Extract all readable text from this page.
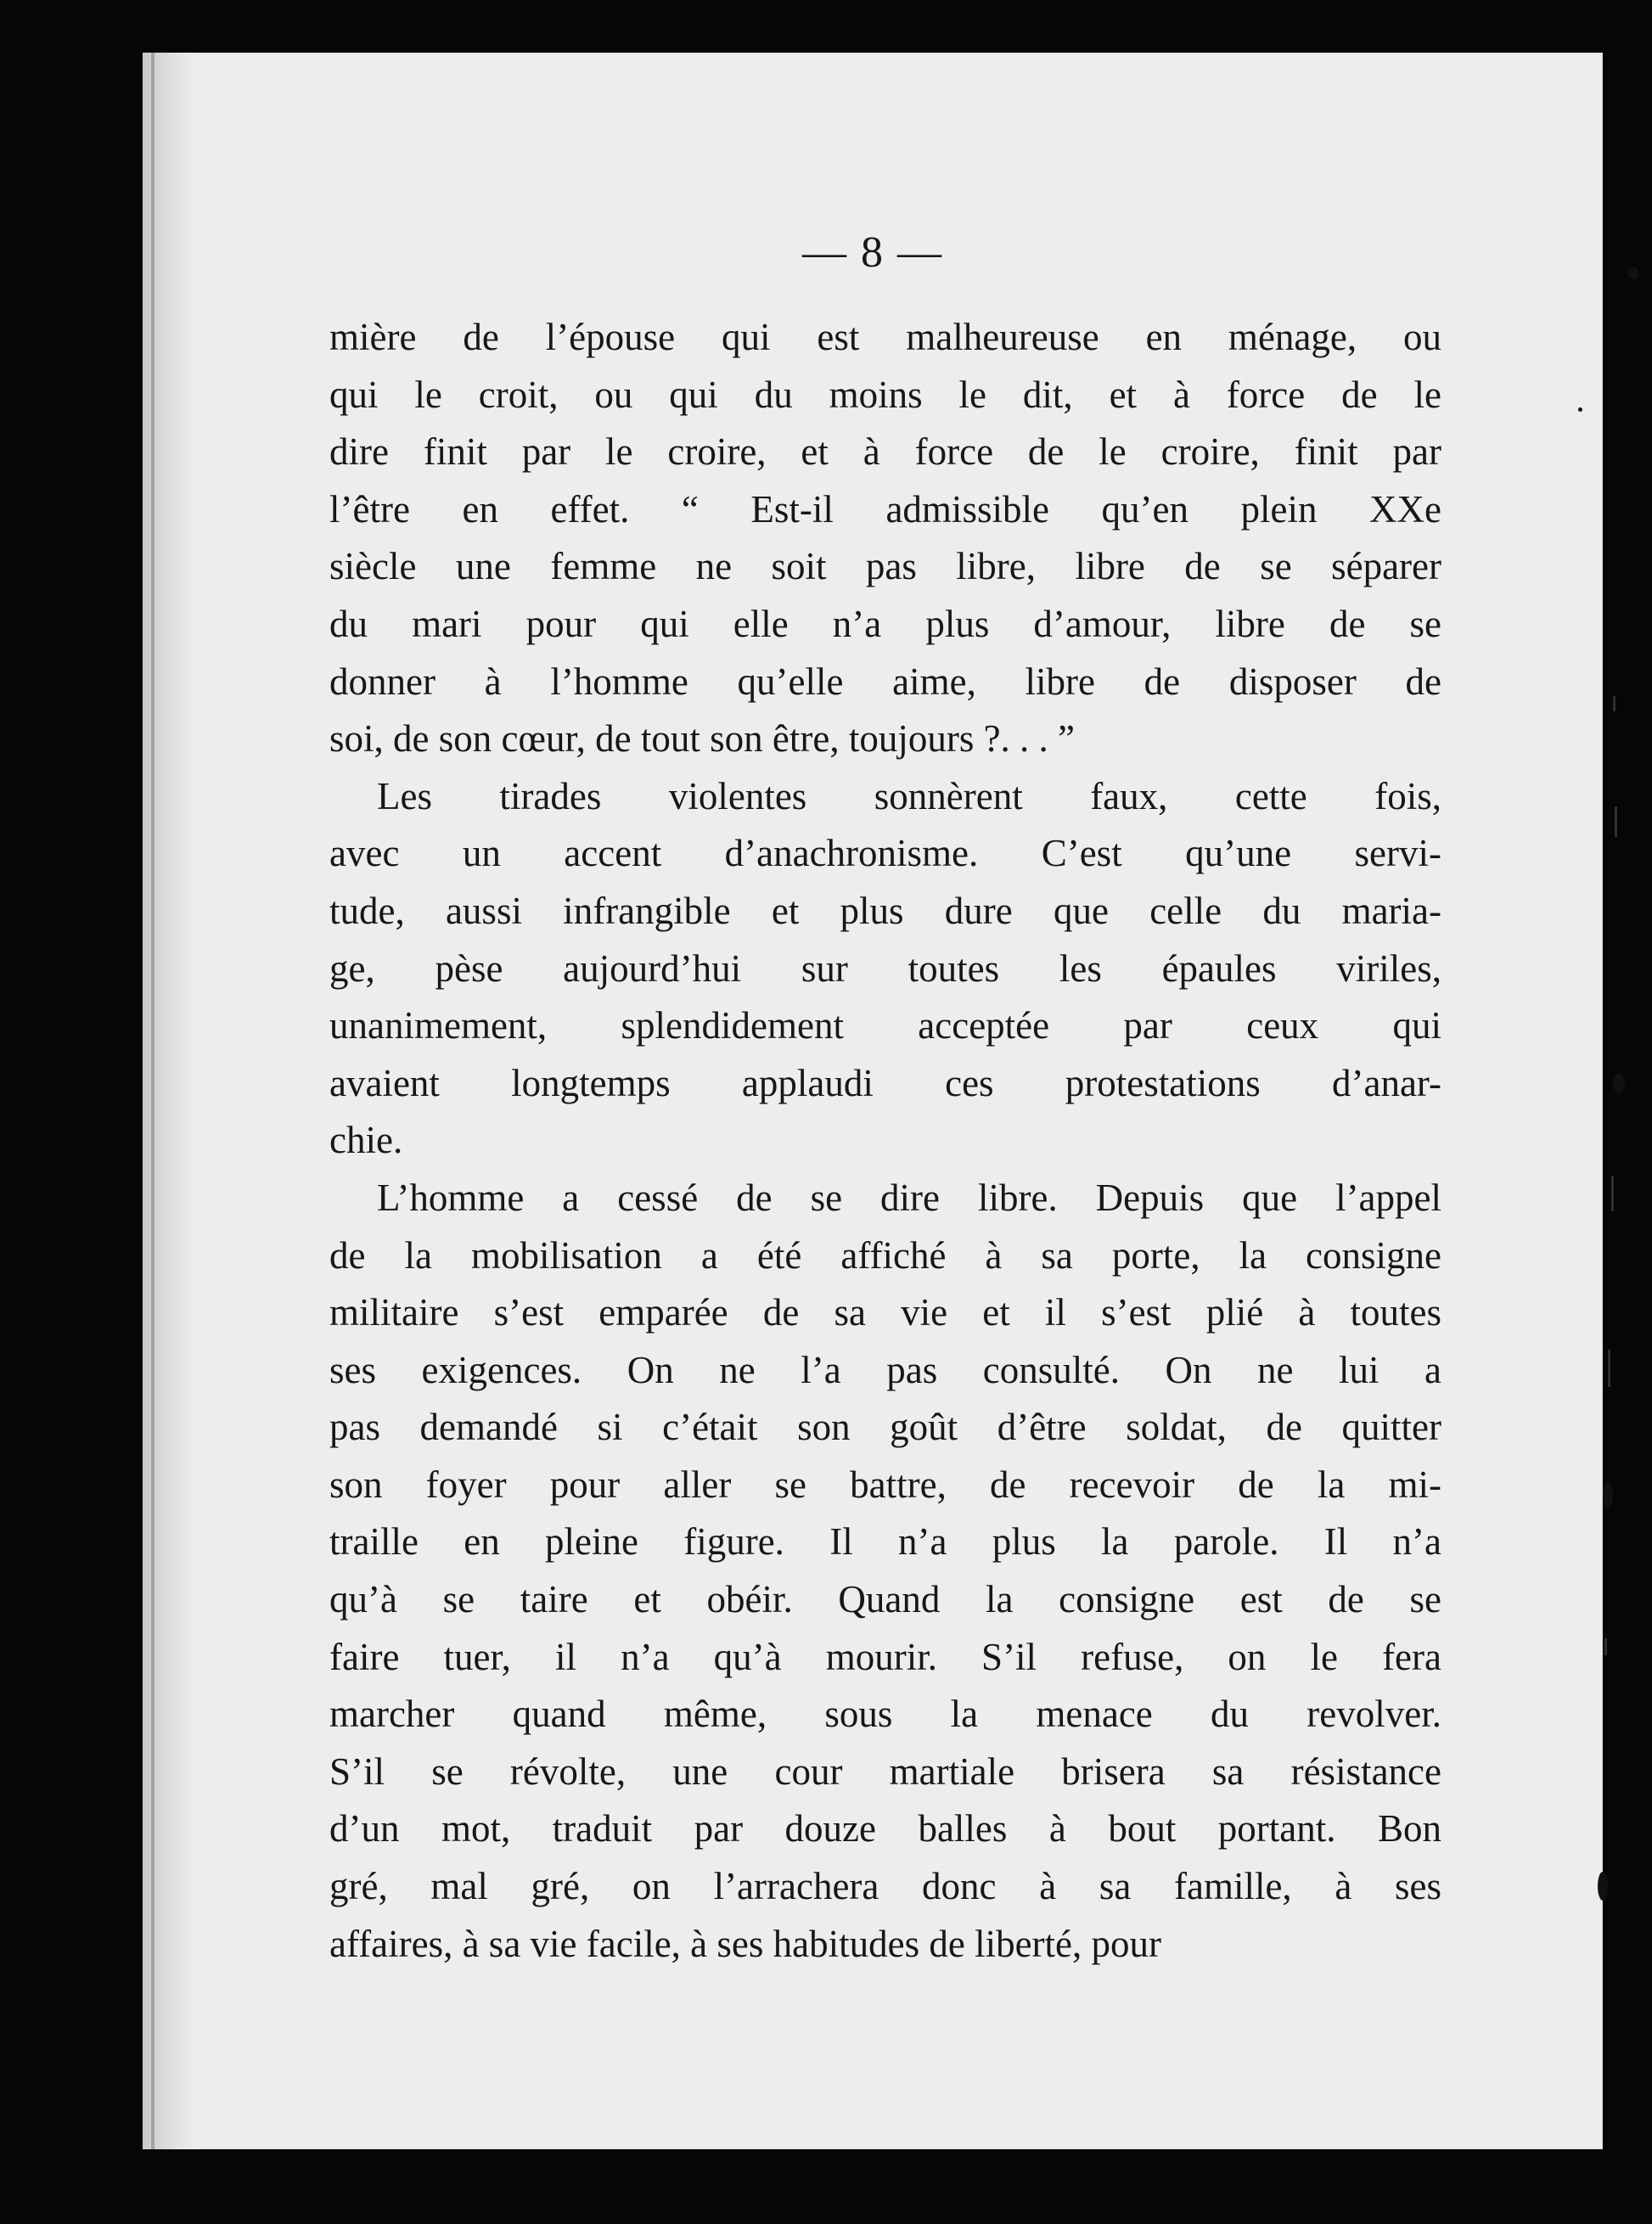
— 8 —
mière de l’épouse qui est malheureuse en ménage, ou
qui le croit, ou qui du moins le dit, et à force de le
dire finit par le croire, et à force de le croire, finit par
l’être en effet. “ Est-il admissible qu’en plein XXe
siècle une femme ne soit pas libre, libre de se séparer
du mari pour qui elle n’a plus d’amour, libre de se
donner à l’homme qu’elle aime, libre de disposer de
soi, de son cœur, de tout son être, toujours ?. . . ”
Les tirades violentes sonnèrent faux, cette fois,
avec un accent d’anachronisme. C’est qu’une servi-
tude, aussi infrangible et plus dure que celle du maria-
ge, pèse aujourd’hui sur toutes les épaules viriles,
unanimement, splendidement acceptée par ceux qui
avaient longtemps applaudi ces protestations d’anar-
chie.
L’homme a cessé de se dire libre. Depuis que l’appel
de la mobilisation a été affiché à sa porte, la consigne
militaire s’est emparée de sa vie et il s’est plié à toutes
ses exigences. On ne l’a pas consulté. On ne lui a
pas demandé si c’était son goût d’être soldat, de quitter
son foyer pour aller se battre, de recevoir de la mi-
traille en pleine figure. Il n’a plus la parole. Il n’a
qu’à se taire et obéir. Quand la consigne est de se
faire tuer, il n’a qu’à mourir. S’il refuse, on le fera
marcher quand même, sous la menace du revolver.
S’il se révolte, une cour martiale brisera sa résistance
d’un mot, traduit par douze balles à bout portant. Bon
gré, mal gré, on l’arrachera donc à sa famille, à ses
affaires, à sa vie facile, à ses habitudes de liberté, pour
